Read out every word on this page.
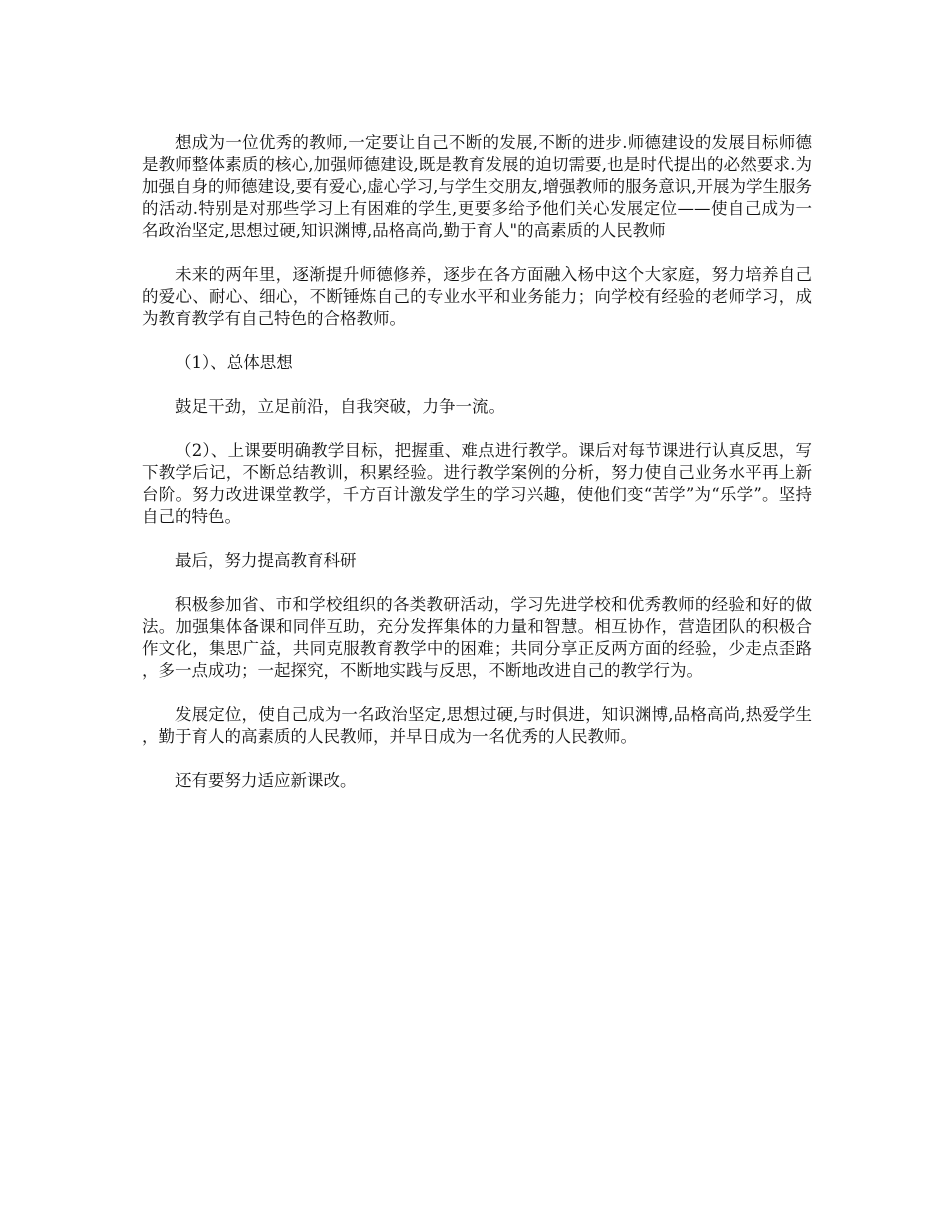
想成为一位优秀的教师,一定要让自己不断的发展,不断的进步.师德建设的发展目标师德是教师整体素质的核心,加强师德建设,既是教育发展的迫切需要,也是时代提出的必然要求.为加强自身的师德建设,要有爱心,虚心学习,与学生交朋友,增强教师的服务意识,开展为学生服务的活动.特别是对那些学习上有困难的学生,更要多给予他们关心发展定位——使自己成为一名政治坚定,思想过硬,知识渊博,品格高尚,勤于育人"的高素质的人民教师

未来的两年里，逐渐提升师德修养，逐步在各方面融入杨中这个大家庭，努力培养自己的爱心、耐心、细心，不断锤炼自己的专业水平和业务能力；向学校有经验的老师学习，成为教育教学有自己特色的合格教师。

（1）、总体思想

鼓足干劲，立足前沿，自我突破，力争一流。

（2）、上课要明确教学目标，把握重、难点进行教学。课后对每节课进行认真反思，写下教学后记，不断总结教训，积累经验。进行教学案例的分析，努力使自己业务水平再上新台阶。努力改进课堂教学，千方百计激发学生的学习兴趣，使他们变“苦学”为“乐学”。坚持自己的特色。

最后，努力提高教育科研

积极参加省、市和学校组织的各类教研活动，学习先进学校和优秀教师的经验和好的做法。加强集体备课和同伴互助，充分发挥集体的力量和智慧。相互协作，营造团队的积极合作文化，集思广益，共同克服教育教学中的困难；共同分享正反两方面的经验，少走点歪路，多一点成功；一起探究，不断地实践与反思，不断地改进自己的教学行为。

发展定位，使自己成为一名政治坚定,思想过硬,与时俱进，知识渊博,品格高尚,热爱学生，勤于育人的高素质的人民教师，并早日成为一名优秀的人民教师。

还有要努力适应新课改。
